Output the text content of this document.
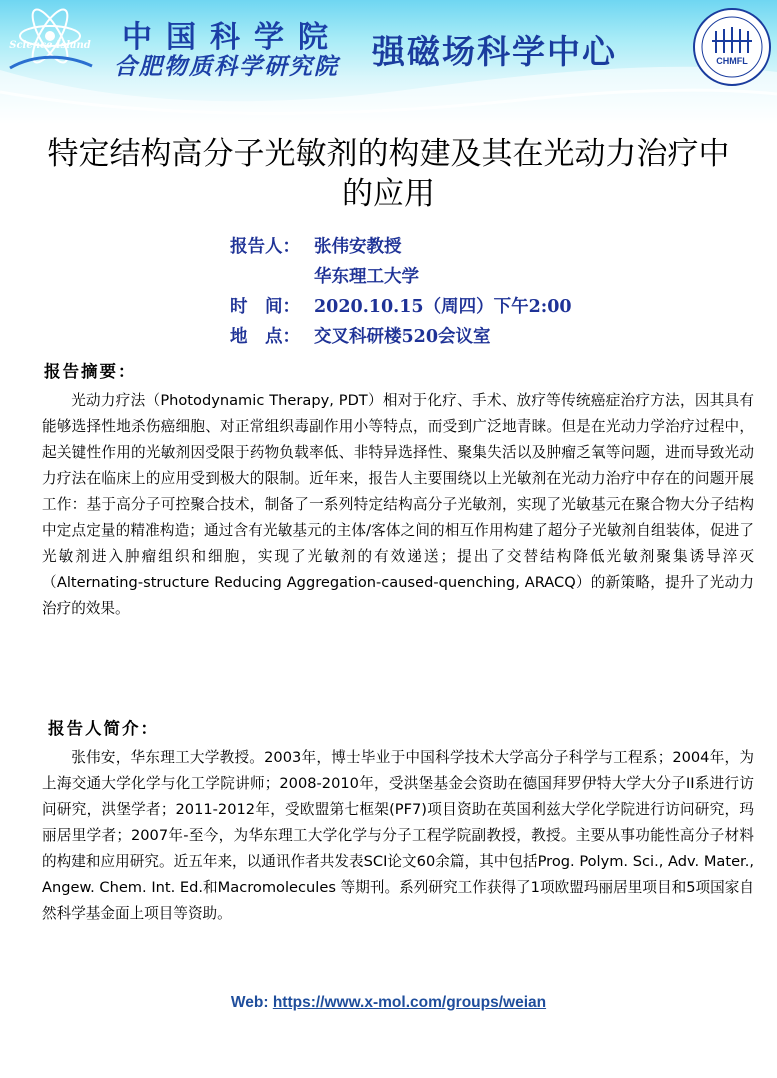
Science Island 中国科学院
合肥物质科学研究院 强磁场科学中心	CHMFL
特定结构高分子光敏剂的构建及其在光动力治疗中
的应用
报告人： 张伟安教授
华东理工大学
时　间： 2020.10.15（周四）下午2:00
地　点： 交叉科研楼520会议室
报告摘要：
光动力疗法（Photodynamic Therapy, PDT）相对于化疗、手术、放疗等传统癌症治疗方法，因其具有能够选择性地杀伤癌细胞、对正常组织毒副作用小等特点，而受到广泛地青睐。但是在光动力学治疗过程中，起关键性作用的光敏剂因受限于药物负载率低、非特异选择性、聚集失活以及肿瘤乏氧等问题，进而导致光动力疗法在临床上的应用受到极大的限制。近年来，报告人主要围绕以上光敏剂在光动力治疗中存在的问题开展工作：基于高分子可控聚合技术，制备了一系列特定结构高分子光敏剂，实现了光敏基元在聚合物大分子结构中定点定量的精准构造；通过含有光敏基元的主体/客体之间的相互作用构建了超分子光敏剂自组装体，促进了光敏剂进入肿瘤组织和细胞，实现了光敏剂的有效递送；提出了交替结构降低光敏剂聚集诱导淬灭（Alternating-structure Reducing Aggregation-caused-quenching, ARACQ）的新策略，提升了光动力治疗的效果。
报告人简介：
张伟安，华东理工大学教授。2003年，博士毕业于中国科学技术大学高分子科学与工程系；2004年，为上海交通大学化学与化工学院讲师；2008-2010年，受洪堡基金会资助在德国拜罗伊特大学大分子II系进行访问研究，洪堡学者；2011-2012年，受欧盟第七框架(PF7)项目资助在英国利兹大学化学院进行访问研究，玛丽居里学者；2007年-至今，为华东理工大学化学与分子工程学院副教授，教授。主要从事功能性高分子材料的构建和应用研究。近五年来，以通讯作者共发表SCI论文60余篇，其中包括Prog. Polym. Sci., Adv. Mater., Angew. Chem. Int. Ed.和Macromolecules 等期刊。系列研究工作获得了1项欧盟玛丽居里项目和5项国家自然科学基金面上项目等资助。
Web: https://www.x-mol.com/groups/weian
